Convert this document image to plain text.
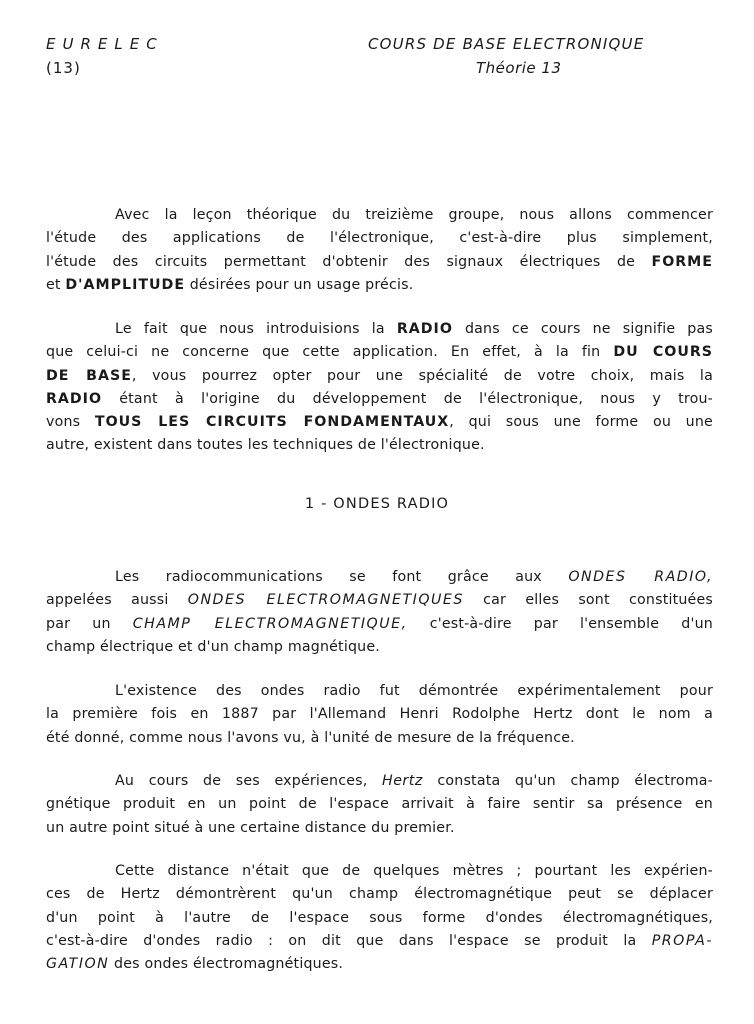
EURELEC
(13)
COURS DE BASE ELECTRONIQUE
Théorie 13
Avec la leçon théorique du treizième groupe, nous allons commencer
l'étude des applications de l'électronique, c'est-à-dire plus simplement,
l'étude des circuits permettant d'obtenir des signaux électriques de FORME
et D'AMPLITUDE désirées pour un usage précis.
Le fait que nous introduisions la RADIO dans ce cours ne signifie pas
que celui-ci ne concerne que cette application. En effet, à la fin DU COURS
DE BASE, vous pourrez opter pour une spécialité de votre choix, mais la
RADIO étant à l'origine du développement de l'électronique, nous y trou-
vons TOUS LES CIRCUITS FONDAMENTAUX, qui sous une forme ou une
autre, existent dans toutes les techniques de l'électronique.
1 - ONDES RADIO
Les radiocommunications se font grâce aux ONDES RADIO,
appelées aussi ONDES ELECTROMAGNETIQUES car elles sont constituées
par un CHAMP ELECTROMAGNETIQUE, c'est-à-dire par l'ensemble d'un
champ électrique et d'un champ magnétique.
L'existence des ondes radio fut démontrée expérimentalement pour
la première fois en 1887 par l'Allemand Henri Rodolphe Hertz dont le nom a
été donné, comme nous l'avons vu, à l'unité de mesure de la fréquence.
Au cours de ses expériences, Hertz constata qu'un champ électroma-
gnétique produit en un point de l'espace arrivait à faire sentir sa présence en
un autre point situé à une certaine distance du premier.
Cette distance n'était que de quelques mètres ; pourtant les expérien-
ces de Hertz démontrèrent qu'un champ électromagnétique peut se déplacer
d'un point à l'autre de l'espace sous forme d'ondes électromagnétiques,
c'est-à-dire d'ondes radio : on dit que dans l'espace se produit la PROPA-
GATION des ondes électromagnétiques.
